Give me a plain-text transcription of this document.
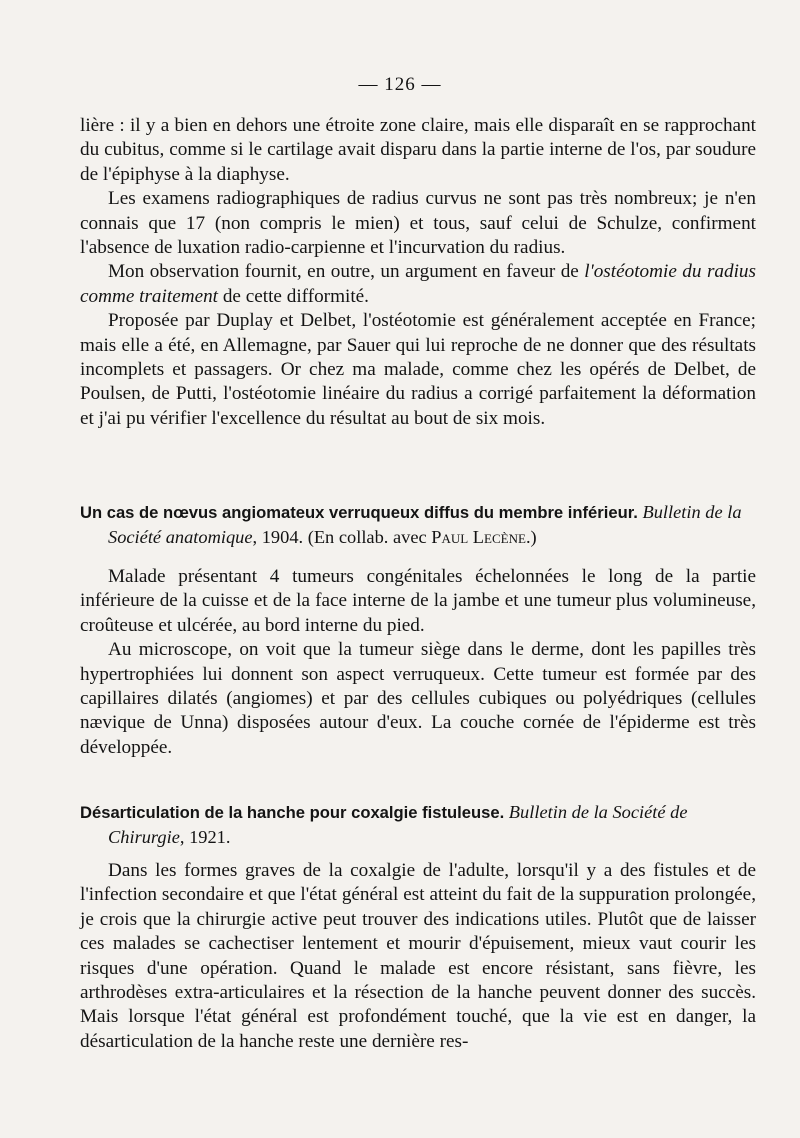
— 126 —

lière : il y a bien en dehors une étroite zone claire, mais elle disparaît en se rapprochant du cubitus, comme si le cartilage avait disparu dans la partie interne de l'os, par soudure de l'épiphyse à la diaphyse.

Les examens radiographiques de radius curvus ne sont pas très nombreux; je n'en connais que 17 (non compris le mien) et tous, sauf celui de Schulze, confirment l'absence de luxation radio-carpienne et l'incurvation du radius.

Mon observation fournit, en outre, un argument en faveur de l'ostéotomie du radius comme traitement de cette difformité.

Proposée par Duplay et Delbet, l'ostéotomie est généralement acceptée en France; mais elle a été, en Allemagne, par Sauer qui lui reproche de ne donner que des résultats incomplets et passagers. Or chez ma malade, comme chez les opérés de Delbet, de Poulsen, de Putti, l'ostéotomie linéaire du radius a corrigé parfaitement la déformation et j'ai pu vérifier l'excellence du résultat au bout de six mois.

Un cas de nœvus angiomateux verruqueux diffus du membre inférieur. Bulletin de la Société anatomique, 1904. (En collab. avec Paul Lecène.)

Malade présentant 4 tumeurs congénitales échelonnées le long de la partie inférieure de la cuisse et de la face interne de la jambe et une tumeur plus volumineuse, croûteuse et ulcérée, au bord interne du pied.

Au microscope, on voit que la tumeur siège dans le derme, dont les papilles très hypertrophiées lui donnent son aspect verruqueux. Cette tumeur est formée par des capillaires dilatés (angiomes) et par des cellules cubiques ou polyédriques (cellules nævique de Unna) disposées autour d'eux. La couche cornée de l'épiderme est très développée.

Désarticulation de la hanche pour coxalgie fistuleuse. Bulletin de la Société de Chirurgie, 1921.

Dans les formes graves de la coxalgie de l'adulte, lorsqu'il y a des fistules et de l'infection secondaire et que l'état général est atteint du fait de la suppuration prolongée, je crois que la chirurgie active peut trouver des indications utiles. Plutôt que de laisser ces malades se cachectiser lentement et mourir d'épuisement, mieux vaut courir les risques d'une opération. Quand le malade est encore résistant, sans fièvre, les arthrodèses extra-articulaires et la résection de la hanche peuvent donner des succès. Mais lorsque l'état général est profondément touché, que la vie est en danger, la désarticulation de la hanche reste une dernière res-
